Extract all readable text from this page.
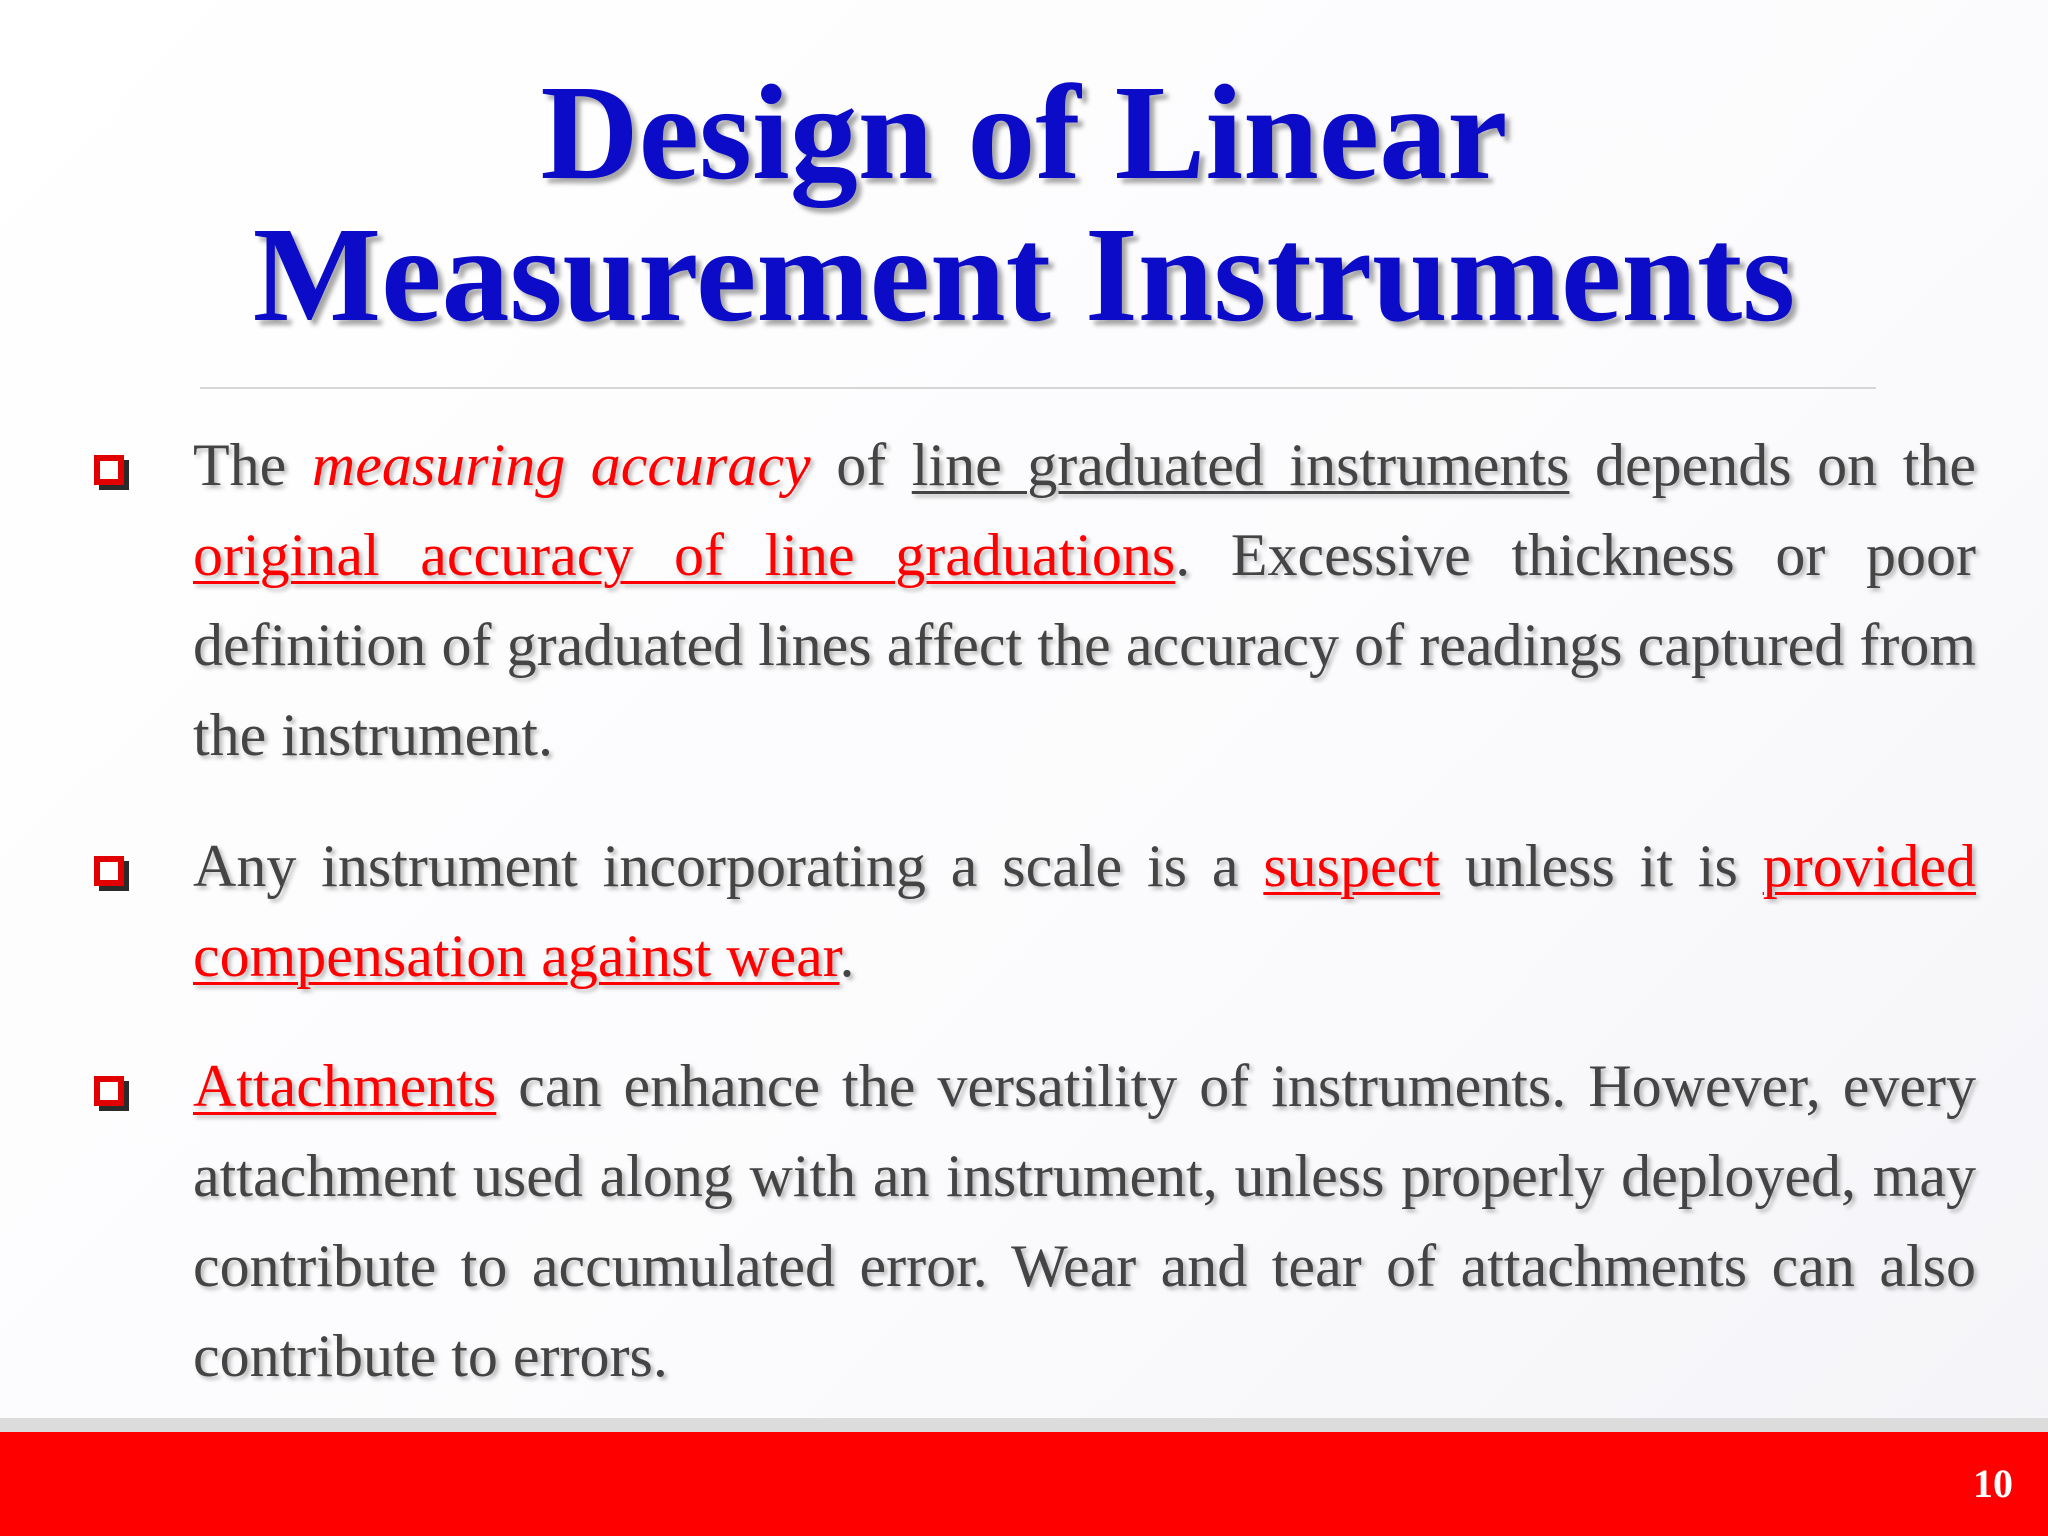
Design of Linear
Measurement Instruments
The measuring accuracy of line graduated instruments depends on the original accuracy of line graduations. Excessive thickness or poor definition of graduated lines affect the accuracy of readings captured from the instrument.
Any instrument incorporating a scale is a suspect unless it is provided compensation against wear.
Attachments can enhance the versatility of instruments. However, every attachment used along with an instrument, unless properly deployed, may contribute to accumulated error. Wear and tear of attachments can also contribute to errors.
10
